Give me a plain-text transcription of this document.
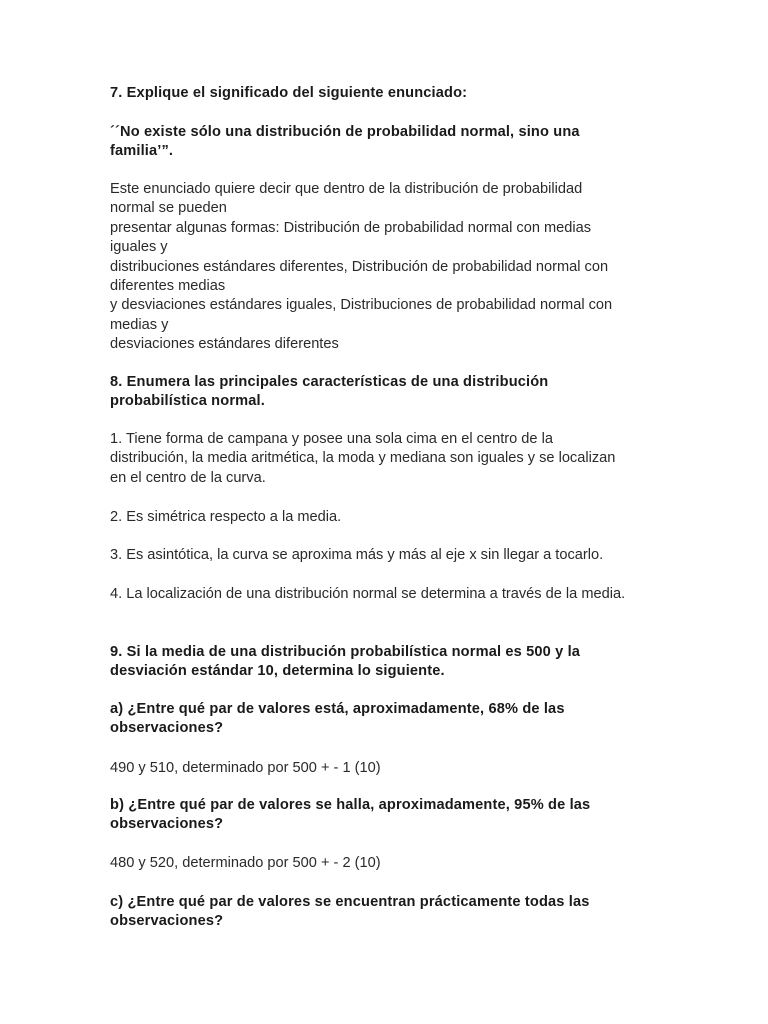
7. Explique el significado del siguiente enunciado:

´´No existe sólo una distribución de probabilidad normal, sino una
familia’”.

Este enunciado quiere decir que dentro de la distribución de probabilidad
normal se pueden
presentar algunas formas: Distribución de probabilidad normal con medias
iguales y
distribuciones estándares diferentes, Distribución de probabilidad normal con
diferentes medias
y desviaciones estándares iguales, Distribuciones de probabilidad normal con
medias y
desviaciones estándares diferentes

8. Enumera las principales características de una distribución
probabilística normal.

1. Tiene forma de campana y posee una sola cima en el centro de la
distribución, la media aritmética, la moda y mediana son iguales y se localizan
en el centro de la curva.

2. Es simétrica respecto a la media.

3. Es asintótica, la curva se aproxima más y más al eje x sin llegar a tocarlo.

4. La localización de una distribución normal se determina a través de la media.

9. Si la media de una distribución probabilística normal es 500 y la
desviación estándar 10, determina lo siguiente.

a) ¿Entre qué par de valores está, aproximadamente, 68% de las
observaciones?

490 y 510, determinado por 500 + - 1 (10)

b) ¿Entre qué par de valores se halla, aproximadamente, 95% de las
observaciones?

480 y 520, determinado por 500 + - 2 (10)

c) ¿Entre qué par de valores se encuentran prácticamente todas las
observaciones?
